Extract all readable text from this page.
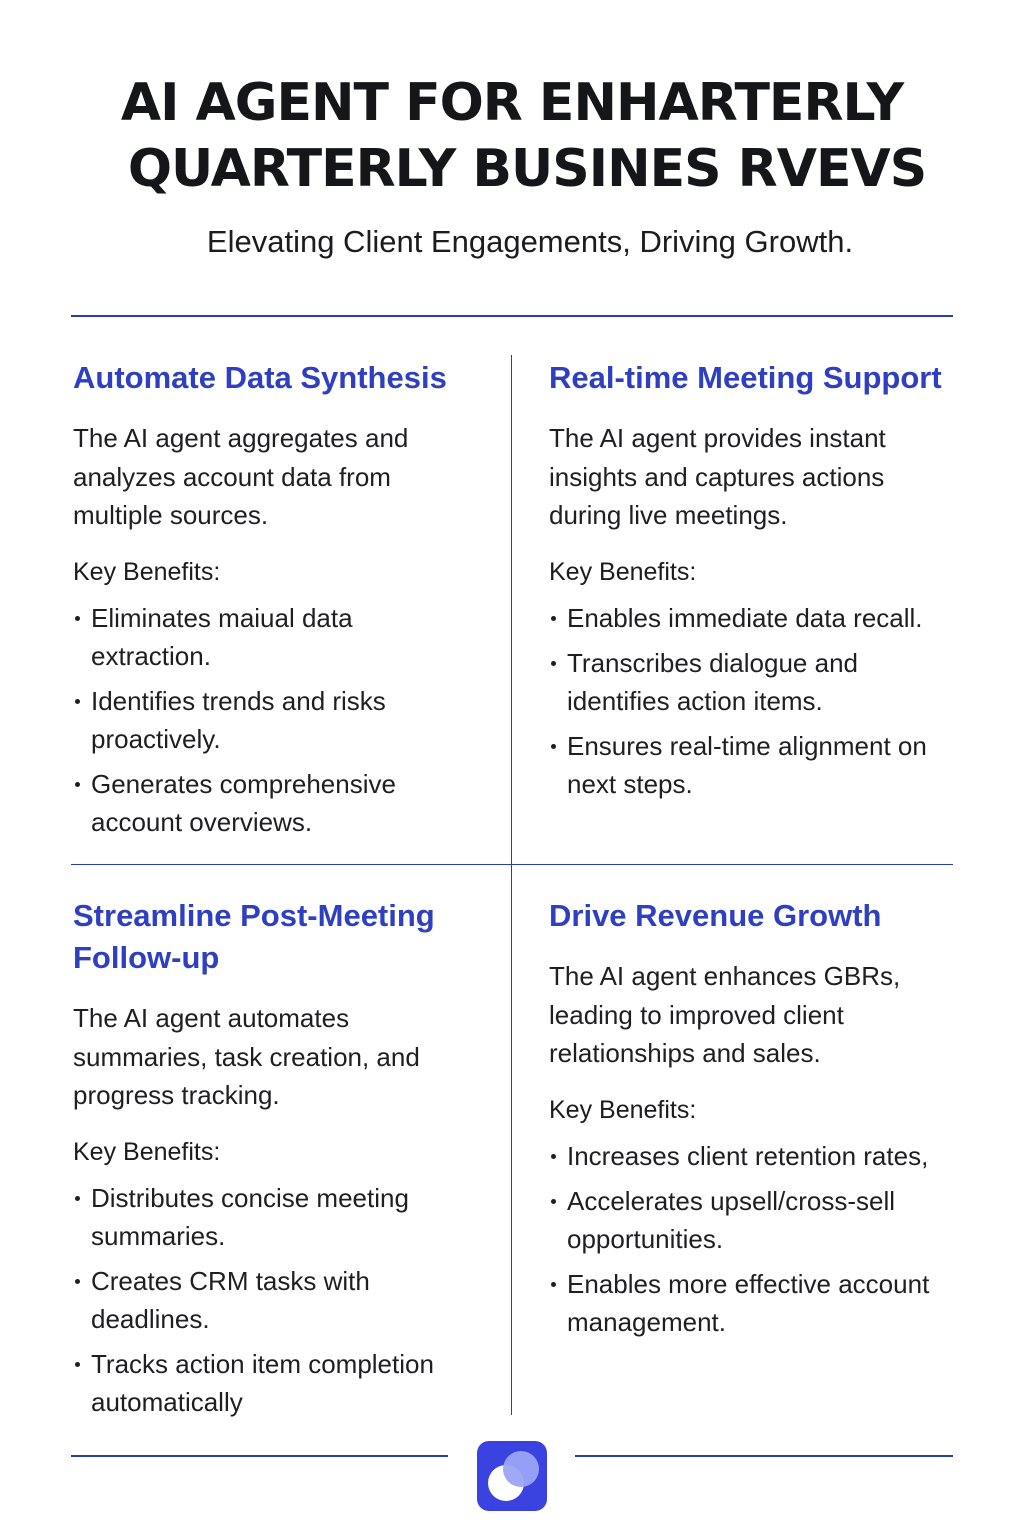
AI AGENT FOR ENHARTERLY
QUARTERLY BUSINES RVEVS

Elevating Client Engagements, Driving Growth.

Automate Data Synthesis

The AI agent aggregates and analyzes account data from multiple sources.

Key Benefits:

Eliminates maiual data extraction.
Identifies trends and risks proactively.
Generates comprehensive account overviews.
Real-time Meeting Support

The AI agent provides instant insights and captures actions during live meetings.

Key Benefits:

Enables immediate data recall.
Transcribes dialogue and identifies action items.
Ensures real-time alignment on next steps.
Streamline Post-Meeting
Follow-up

The AI agent automates summaries, task creation, and progress tracking.

Key Benefits:

Distributes concise meeting summaries.
Creates CRM tasks with deadlines.
Tracks action item completion automatically
Drive Revenue Growth

The AI agent enhances GBRs, leading to improved client relationships and sales.

Key Benefits:

Increases client retention rates,
Accelerates upsell/cross-sell opportunities.
Enables more effective account management.
